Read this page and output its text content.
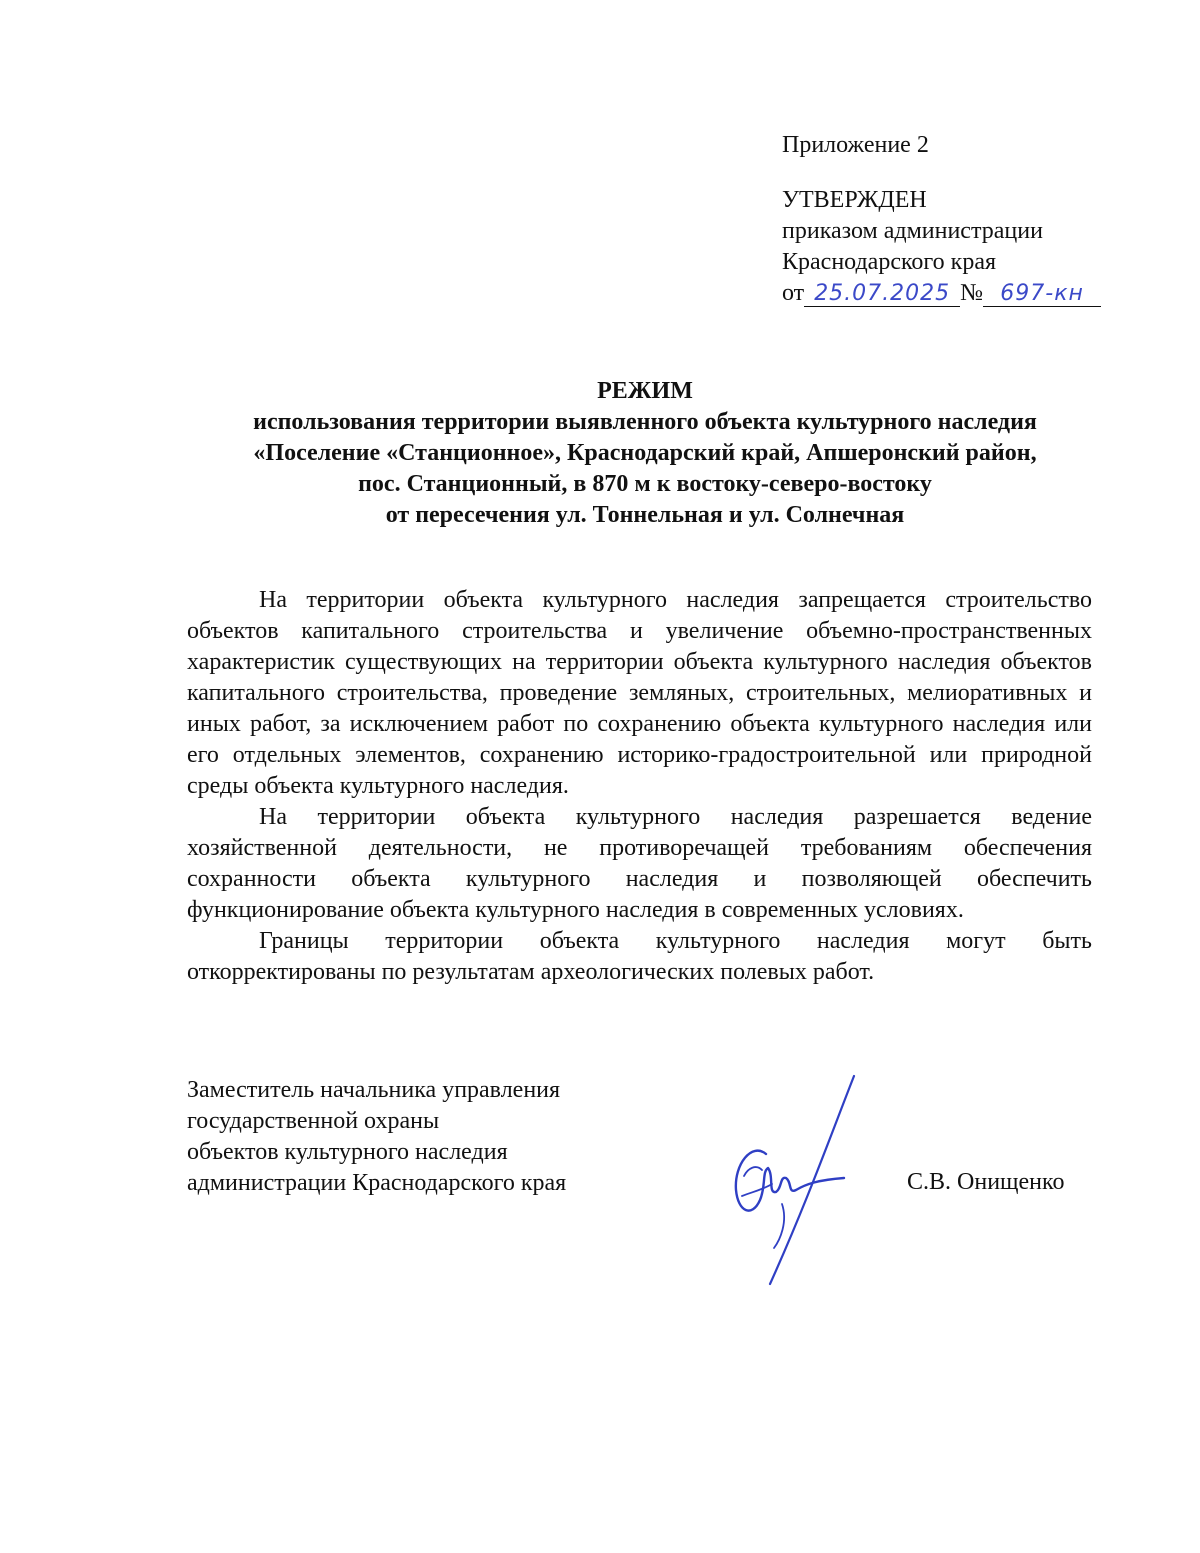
Приложение 2
УТВЕРЖДЕН
приказом администрации
Краснодарского края
от 25.07.2025 № 697-кн
РЕЖИМ
использования территории выявленного объекта культурного наследия
«Поселение «Станционное», Краснодарский край, Апшеронский район,
пос. Станционный, в 870 м к востоку-северо-востоку
от пересечения ул. Тоннельная и ул. Солнечная

На территории объекта культурного наследия запрещается строительство объектов капитального строительства и увеличение объемно-пространственных характеристик существующих на территории объекта культурного наследия объектов капитального строительства, проведение земляных, строительных, мелиоративных и иных работ, за исключением работ по сохранению объекта культурного наследия или его отдельных элементов, сохранению историко-градостроительной или природной среды объекта культурного наследия.

На территории объекта культурного наследия разрешается ведение хозяйственной деятельности, не противоречащей требованиям обеспечения сохранности объекта культурного наследия и позволяющей обеспечить функционирование объекта культурного наследия в современных условиях.

Границы территории объекта культурного наследия могут быть откорректированы по результатам археологических полевых работ.

Заместитель начальника управления
государственной охраны
объектов культурного наследия
администрации Краснодарского края	С.В. Онищенко
